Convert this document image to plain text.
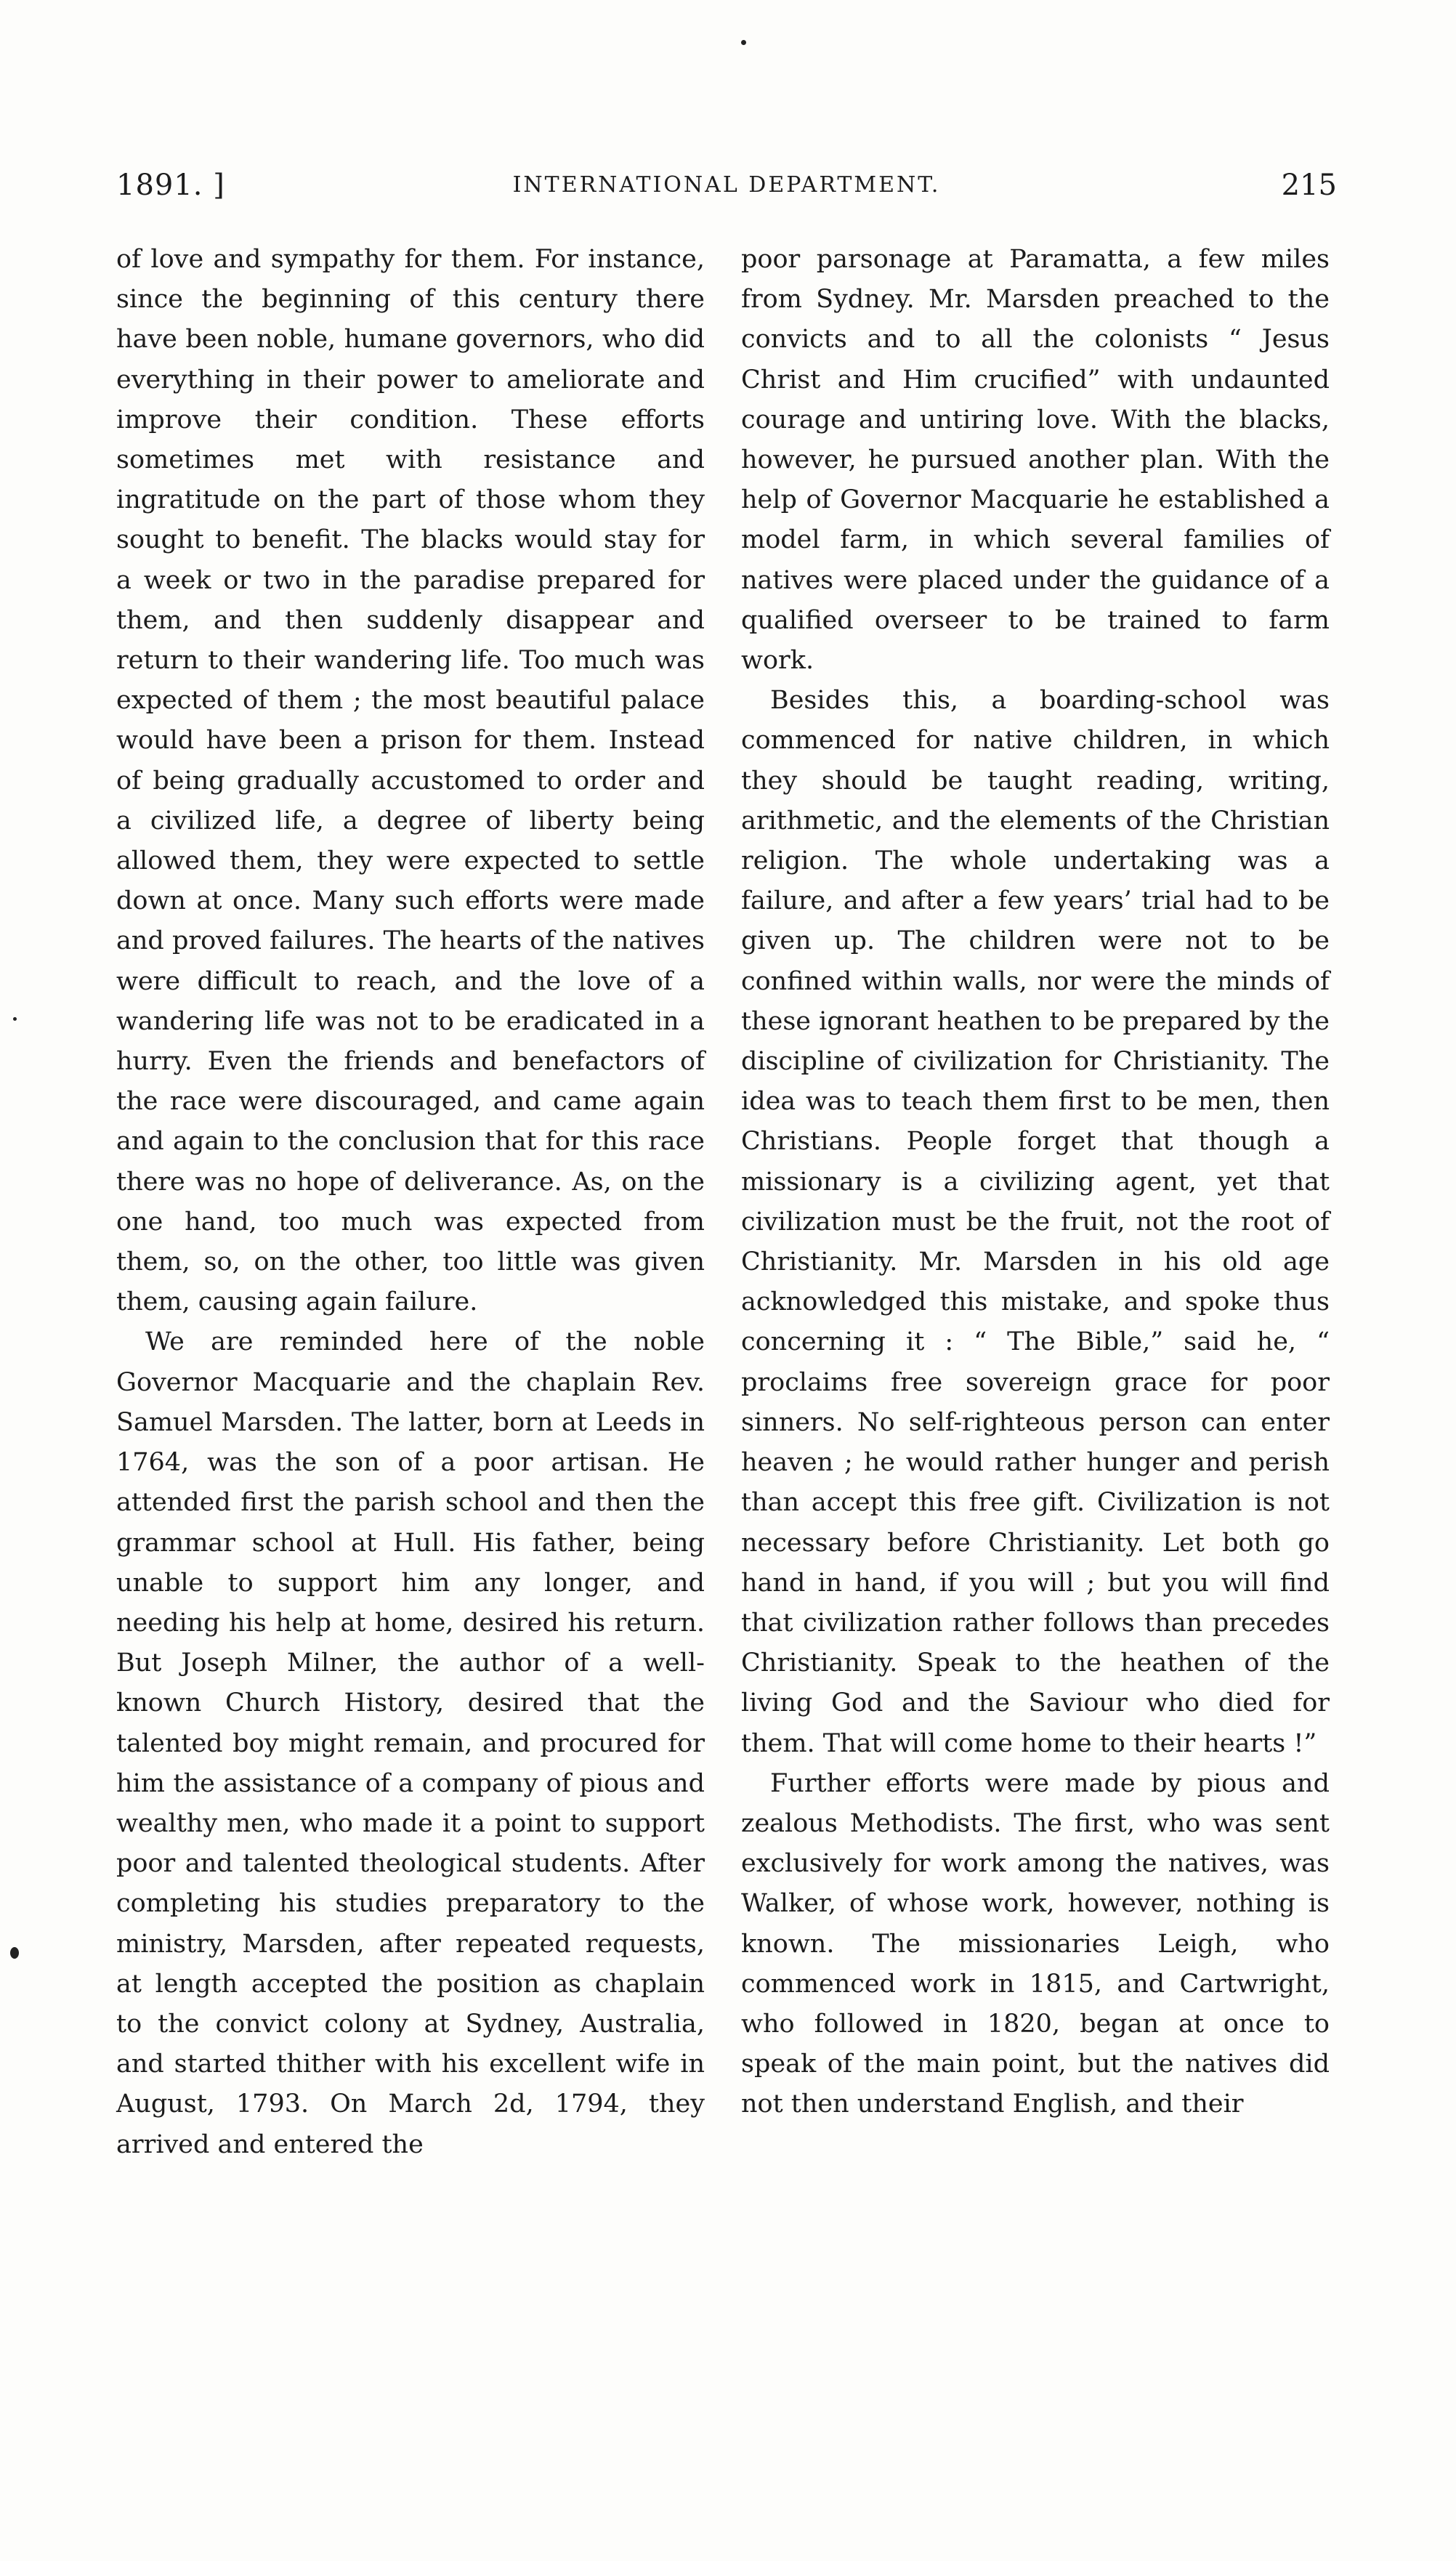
1891. ]	INTERNATIONAL DEPARTMENT.	215

of love and sympathy for them. For instance, since the beginning of this century there have been noble, humane governors, who did everything in their power to ameliorate and improve their condition. These efforts sometimes met with resistance and ingratitude on the part of those whom they sought to benefit. The blacks would stay for a week or two in the paradise prepared for them, and then suddenly disappear and return to their wandering life. Too much was expected of them ; the most beautiful palace would have been a prison for them. Instead of being gradually accustomed to order and a civilized life, a degree of liberty being allowed them, they were expected to settle down at once. Many such efforts were made and proved failures. The hearts of the natives were difficult to reach, and the love of a wandering life was not to be eradicated in a hurry. Even the friends and benefactors of the race were discouraged, and came again and again to the conclusion that for this race there was no hope of deliverance. As, on the one hand, too much was expected from them, so, on the other, too little was given them, causing again failure.

We are reminded here of the noble Governor Macquarie and the chaplain Rev. Samuel Marsden. The latter, born at Leeds in 1764, was the son of a poor artisan. He attended first the parish school and then the grammar school at Hull. His father, being unable to support him any longer, and needing his help at home, desired his return. But Joseph Milner, the author of a well-known Church History, desired that the talented boy might remain, and procured for him the assistance of a company of pious and wealthy men, who made it a point to support poor and talented theological students. After completing his studies preparatory to the ministry, Marsden, after repeated requests, at length accepted the position as chaplain to the convict colony at Sydney, Australia, and started thither with his excellent wife in August, 1793. On March 2d, 1794, they arrived and entered the

poor parsonage at Paramatta, a few miles from Sydney. Mr. Marsden preached to the convicts and to all the colonists “ Jesus Christ and Him crucified” with undaunted courage and untiring love. With the blacks, however, he pursued another plan. With the help of Governor Macquarie he established a model farm, in which several families of natives were placed under the guidance of a qualified overseer to be trained to farm work.

Besides this, a boarding-school was commenced for native children, in which they should be taught reading, writing, arithmetic, and the elements of the Christian religion. The whole undertaking was a failure, and after a few years’ trial had to be given up. The children were not to be confined within walls, nor were the minds of these ignorant heathen to be prepared by the discipline of civilization for Christianity. The idea was to teach them first to be men, then Christians. People forget that though a missionary is a civilizing agent, yet that civilization must be the fruit, not the root of Christianity. Mr. Marsden in his old age acknowledged this mistake, and spoke thus concerning it : “ The Bible,” said he, “ proclaims free sovereign grace for poor sinners. No self-righteous person can enter heaven ; he would rather hunger and perish than accept this free gift. Civilization is not necessary before Christianity. Let both go hand in hand, if you will ; but you will find that civilization rather follows than precedes Christianity. Speak to the heathen of the living God and the Saviour who died for them. That will come home to their hearts !”

Further efforts were made by pious and zealous Methodists. The first, who was sent exclusively for work among the natives, was Walker, of whose work, however, nothing is known. The missionaries Leigh, who commenced work in 1815, and Cartwright, who followed in 1820, began at once to speak of the main point, but the natives did not then understand English, and their
